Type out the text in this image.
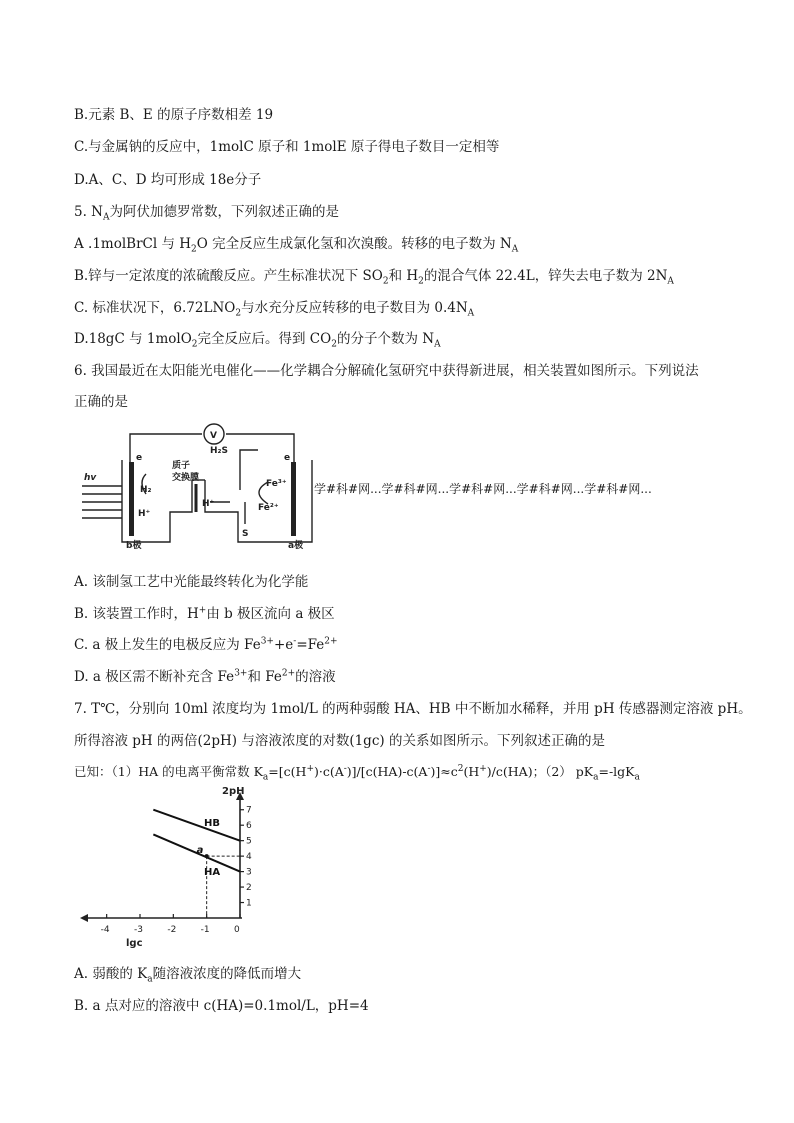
B.元素 B、E 的原子序数相差 19
C.与金属钠的反应中，1molC 原子和 1molE 原子得电子数目一定相等
D.A、C、D 均可形成 18e分子
5. $N_A$为阿伏加德罗常数，下列叙述正确的是
A .1molBrCl 与 $H_2O$ 完全反应生成氯化氢和次溴酸。转移的电子数为 $N_A$
B.锌与一定浓度的浓硫酸反应。产生标准状况下 $SO_2$和 $H_2$的混合气体 22.4L，锌失去电子数为 $2N_A$
C. 标准状况下，$6.72LNO_2$与水充分反应转移的电子数目为 $0.4N_A$
D.18gC 与 1molO$_2$完全反应后。得到 $CO_2$的分子个数为 $N_A$
6. 我国最近在太阳能光电催化——化学耦合分解硫化氢研究中获得新进展，相关装置如图所示。下列说法
正确的是
V
H₂S
质子
交换膜
H⁺
H₂
H⁺
S
Fe³⁺
Fe²⁺
e	e
hv
b极	a极
学#科#网...学#科#网...学#科#网...学#科#网...学#科#网...
A. 该制氢工艺中光能最终转化为化学能
B. 该装置工作时，H+由 b 极区流向 a 极区
C. a 极上发生的电极反应为 $Fe^{3+}+e^-=Fe^{2+}$
D. a 极区需不断补充含 $Fe^{3+}$和 $Fe^{2+}$的溶液
7. T℃，分别向 10ml 浓度均为 1mol/L 的两种弱酸 HA、HB 中不断加水稀释，并用 pH 传感器测定溶液 pH。
所得溶液 pH 的两倍(2pH) 与溶液浓度的对数(1gc) 的关系如图所示。下列叙述正确的是
已知：（1）HA 的电离平衡常数 $K_a=[c(H^+)\cdot c(A^-)]/[c(HA)-c(A^-)]\approx c^2(H^+)/c(HA)$；（2） $pK_a=-\lg K_a$
-4	-3	-2	-1	0
1
2
3
4
5
6
7
lgc
2pH
HB
HA
a
A. 弱酸的 $K_a$随溶液浓度的降低而增大
B. a 点对应的溶液中 c(HA)=0.1mol/L，pH=4
